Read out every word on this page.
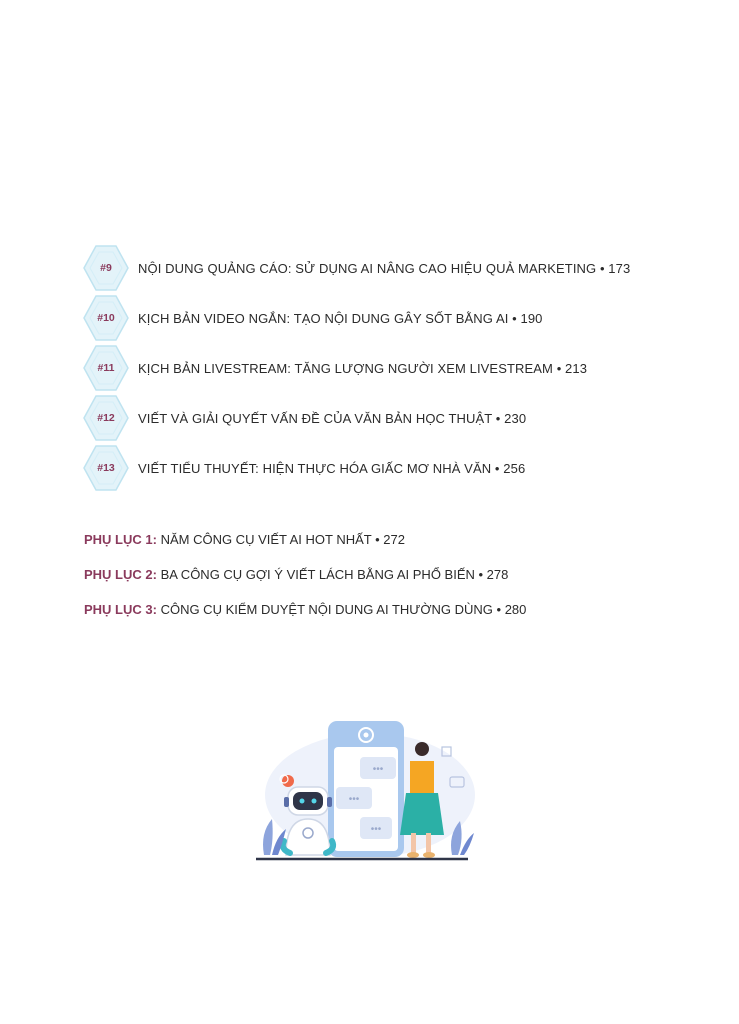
#9	NỘI DUNG QUẢNG CÁO: SỬ DỤNG AI NÂNG CAO HIỆU QUẢ MARKETING • 173
#10	KỊCH BẢN VIDEO NGẮN: TẠO NỘI DUNG GÂY SỐT BẰNG AI • 190
#11	KỊCH BẢN LIVESTREAM: TĂNG LƯỢNG NGƯỜI XEM LIVESTREAM • 213
#12	VIẾT VÀ GIẢI QUYẾT VẤN ĐỀ CỦA VĂN BẢN HỌC THUẬT • 230
#13	VIẾT TIỂU THUYẾT: HIỆN THỰC HÓA GIẤC MƠ NHÀ VĂN • 256
PHỤ LỤC 1: NĂM CÔNG CỤ VIẾT AI HOT NHẤT • 272
PHỤ LỤC 2: BA CÔNG CỤ GỢI Ý VIẾT LÁCH BẰNG AI PHỔ BIẾN • 278
PHỤ LỤC 3: CÔNG CỤ KIỂM DUYỆT NỘI DUNG AI THƯỜNG DÙNG • 280
•••
•••
•••
